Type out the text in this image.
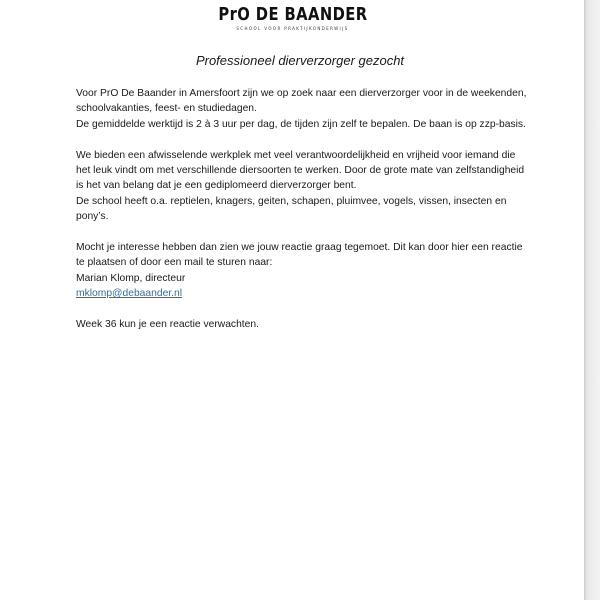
PrO DE BAANDER
SCHOOL VOOR PRAKTIJKONDERWIJS
Professioneel dierverzorger gezocht

Voor PrO De Baander in Amersfoort zijn we op zoek naar een dierverzorger voor in de weekenden,
schoolvakanties, feest- en studiedagen.
De gemiddelde werktijd is 2 à 3 uur per dag, de tijden zijn zelf te bepalen. De baan is op zzp-basis.

We bieden een afwisselende werkplek met veel verantwoordelijkheid en vrijheid voor iemand die
het leuk vindt om met verschillende diersoorten te werken. Door de grote mate van zelfstandigheid
is het van belang dat je een gediplomeerd dierverzorger bent.
De school heeft o.a. reptielen, knagers, geiten, schapen, pluimvee, vogels, vissen, insecten en
pony’s.

Mocht je interesse hebben dan zien we jouw reactie graag tegemoet. Dit kan door hier een reactie
te plaatsen of door een mail te sturen naar:
Marian Klomp, directeur
mklomp@debaander.nl

Week 36 kun je een reactie verwachten.
